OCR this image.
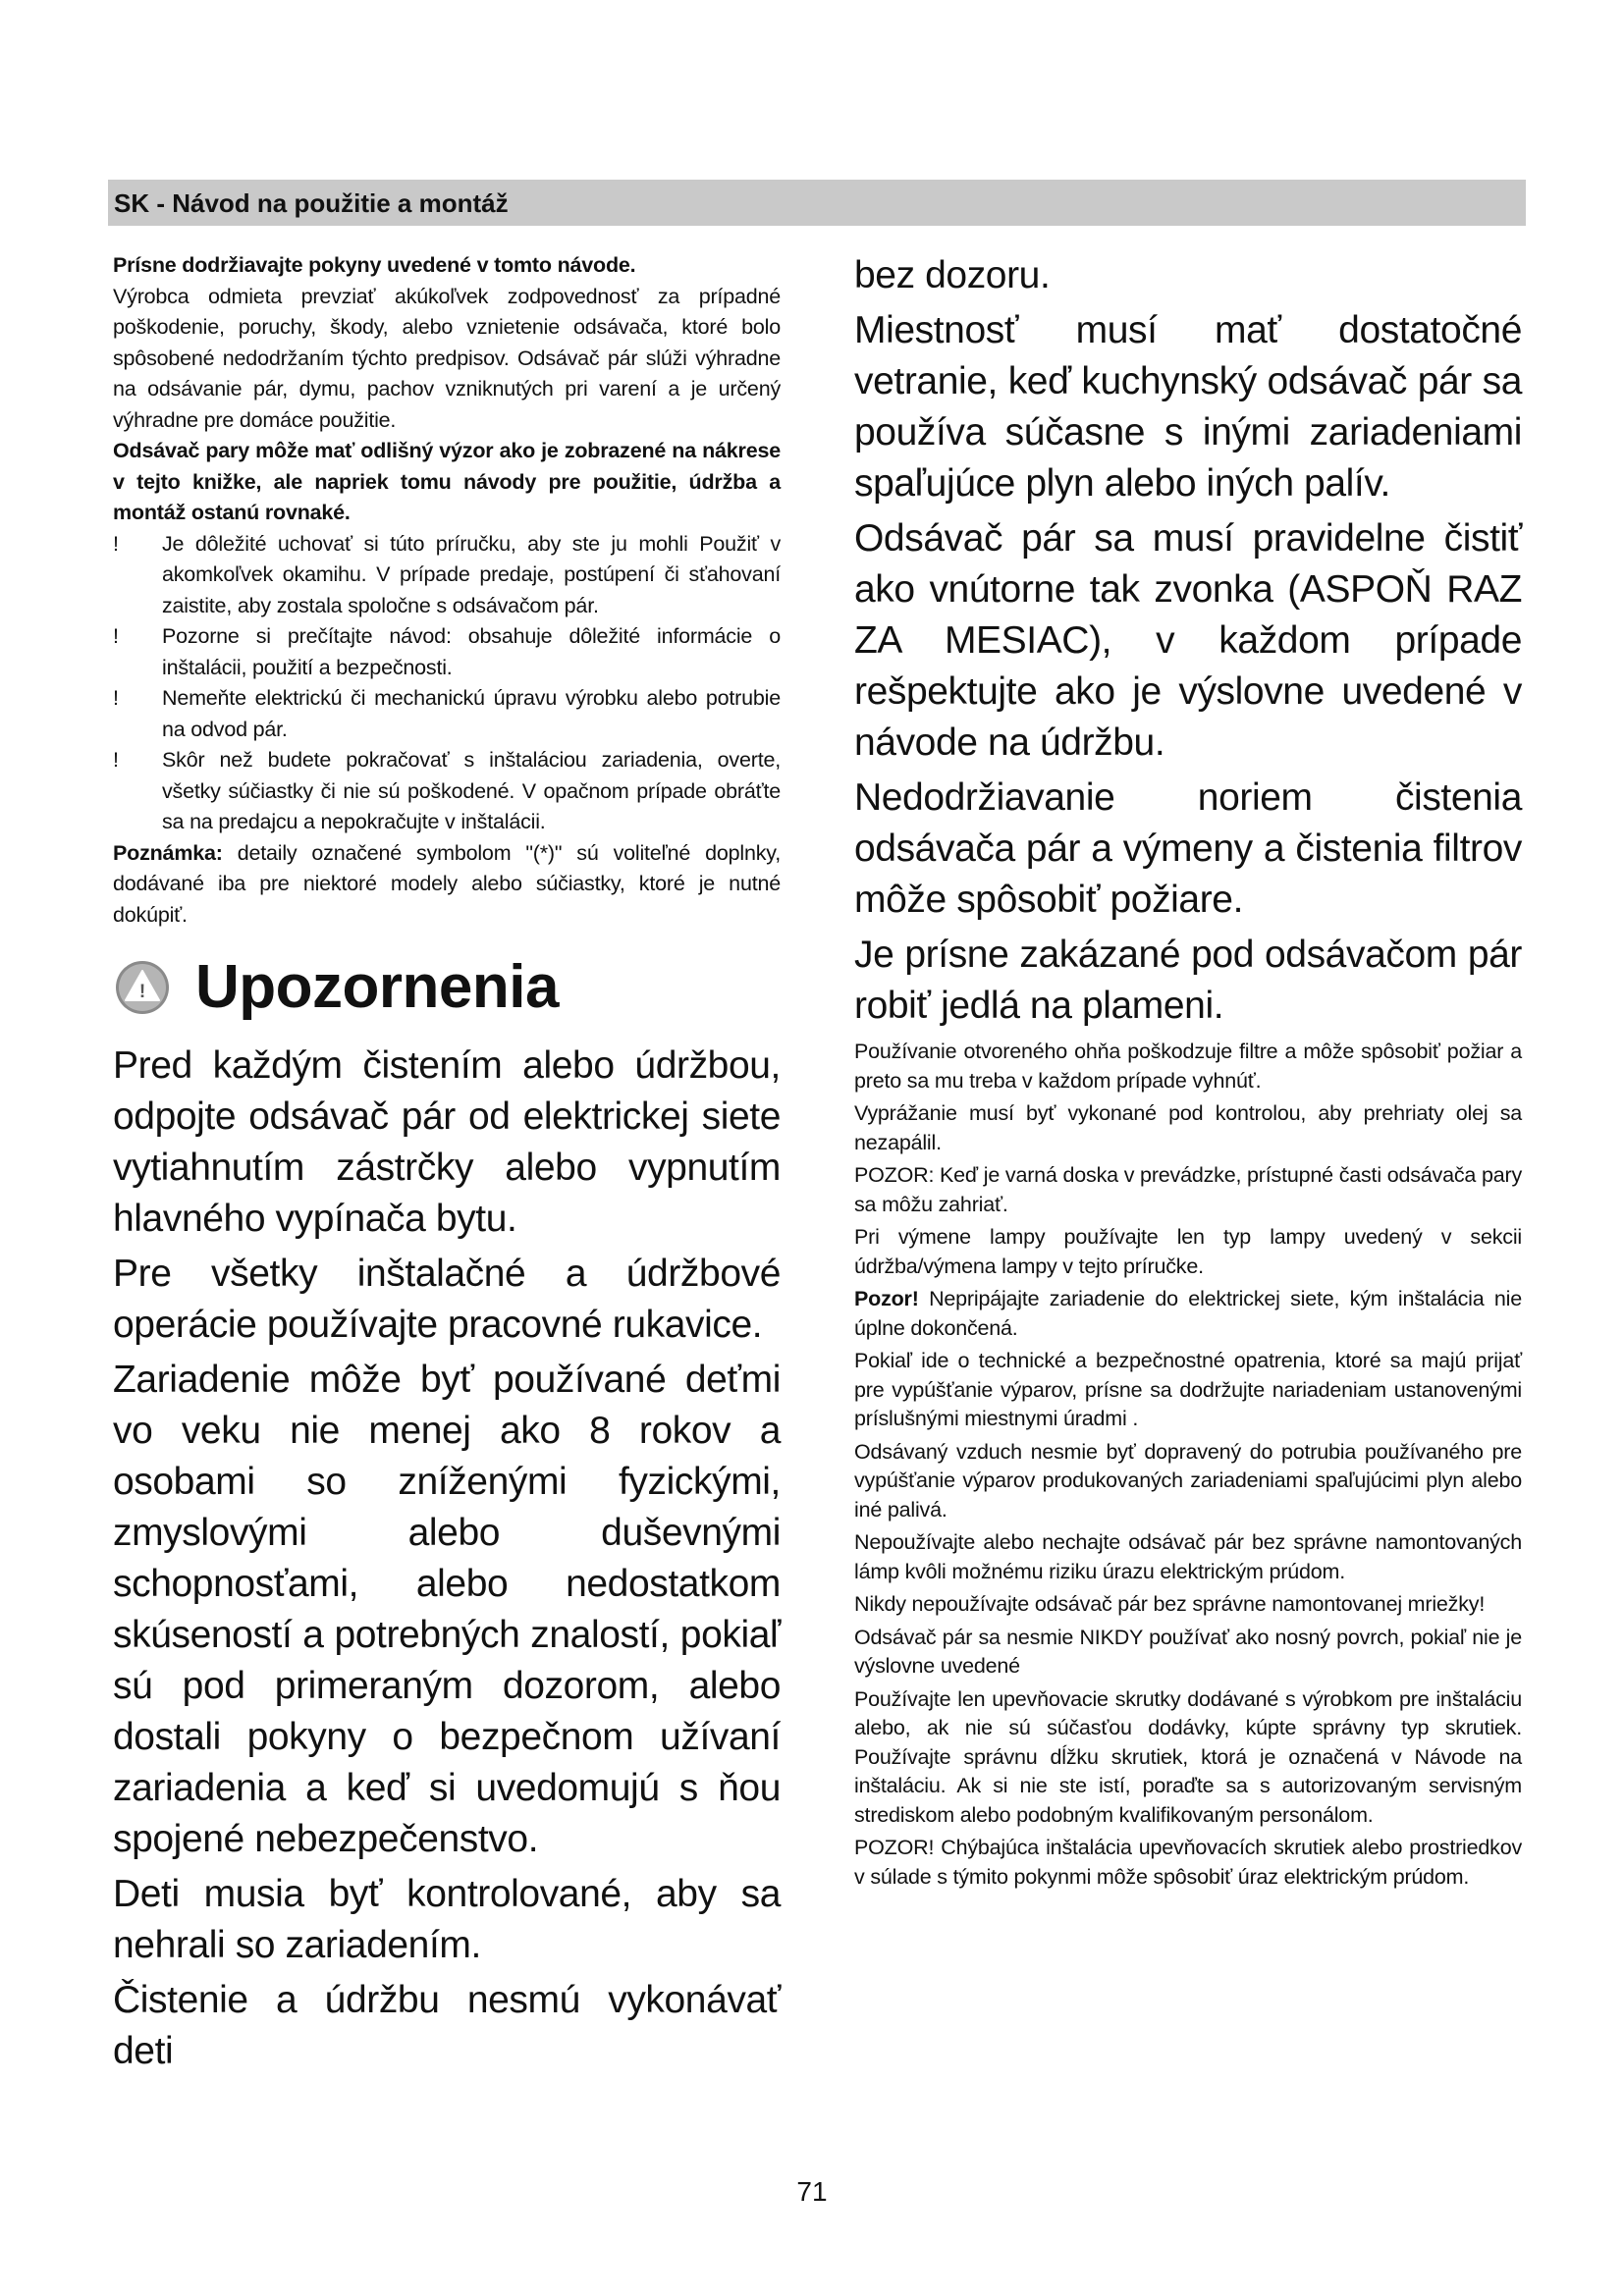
SK - Návod na použitie a montáž

Prísne dodržiavajte pokyny uvedené v tomto návode.

Výrobca odmieta prevziať akúkoľvek zodpovednosť za prípadné poškodenie, poruchy, škody, alebo vznietenie odsávača, ktoré bolo spôsobené nedodržaním týchto predpisov. Odsávač pár slúži výhradne na odsávanie pár, dymu, pachov vzniknutých pri varení a je určený výhradne pre domáce použitie.

Odsávač pary môže mať odlišný výzor ako je zobrazené na nákrese v tejto knižke, ale napriek tomu návody pre použitie, údržba a montáž ostanú rovnaké.

! Je dôležité uchovať si túto príručku, aby ste ju mohli Použiť v akomkoľvek okamihu. V prípade predaje, postúpení či sťahovaní zaistite, aby zostala spoločne s odsávačom pár.
! Pozorne si prečítajte návod: obsahuje dôležité informácie o inštalácii, použití a bezpečnosti.
! Nemeňte elektrickú či mechanickú úpravu výrobku alebo potrubie na odvod pár.
! Skôr než budete pokračovať s inštaláciou zariadenia, overte, všetky súčiastky či nie sú poškodené. V opačnom prípade obráťte sa na predajcu a nepokračujte v inštalácii.
Poznámka: detaily označené symbolom "(*)" sú voliteľné doplnky, dodávané iba pre niektoré modely alebo súčiastky, ktoré je nutné dokúpiť.
! Upozornenia

Pred každým čistením alebo údržbou, odpojte odsávač pár od elektrickej siete vytiahnutím zástrčky alebo vypnutím hlavného vypínača bytu.

Pre všetky inštalačné a údržbové operácie používajte pracovné rukavice.

Zariadenie môže byť používané deťmi vo veku nie menej ako 8 rokov a osobami so zníženými fyzickými, zmyslovými alebo duševnými schopnosťami, alebo nedostatkom skúseností a potrebných znalostí, pokiaľ sú pod primeraným dozorom, alebo dostali pokyny o bezpečnom užívaní zariadenia a keď si uvedomujú s ňou spojené nebezpečenstvo.

Deti musia byť kontrolované, aby sa nehrali so zariadením.

Čistenie a údržbu nesmú vykonávať deti

bez dozoru.

Miestnosť musí mať dostatočné vetranie, keď kuchynský odsávač pár sa používa súčasne s inými zariadeniami spaľujúce plyn alebo iných palív.

Odsávač pár sa musí pravidelne čistiť ako vnútorne tak zvonka (ASPOŇ RAZ ZA MESIAC), v každom prípade rešpektujte ako je výslovne uvedené v návode na údržbu.

Nedodržiavanie noriem čistenia odsávača pár a výmeny a čistenia filtrov môže spôsobiť požiare.

Je prísne zakázané pod odsávačom pár robiť jedlá na plameni.

Používanie otvoreného ohňa poškodzuje filtre a môže spôsobiť požiar a preto sa mu treba v každom prípade vyhnúť.

Vyprážanie musí byť vykonané pod kontrolou, aby prehriaty olej sa nezapálil.

POZOR: Keď je varná doska v prevádzke, prístupné časti odsávača pary sa môžu zahriať.

Pri výmene lampy používajte len typ lampy uvedený v sekcii údržba/výmena lampy v tejto príručke.

Pozor! Nepripájajte zariadenie do elektrickej siete, kým inštalácia nie úplne dokončená.

Pokiaľ ide o technické a bezpečnostné opatrenia, ktoré sa majú prijať pre vypúšťanie výparov, prísne sa dodržujte nariadeniam ustanovenými príslušnými miestnymi úradmi .

Odsávaný vzduch nesmie byť dopravený do potrubia používaného pre vypúšťanie výparov produkovaných zariadeniami spaľujúcimi plyn alebo iné palivá.

Nepoužívajte alebo nechajte odsávač pár bez správne namontovaných lámp kvôli možnému riziku úrazu elektrickým prúdom.

Nikdy nepoužívajte odsávač pár bez správne namontovanej mriežky!

Odsávač pár sa nesmie NIKDY používať ako nosný povrch, pokiaľ nie je výslovne uvedené

Používajte len upevňovacie skrutky dodávané s výrobkom pre inštaláciu alebo, ak nie sú súčasťou dodávky, kúpte správny typ skrutiek. Používajte správnu dĺžku skrutiek, ktorá je označená v Návode na inštaláciu. Ak si nie ste istí, poraďte sa s autorizovaným servisným strediskom alebo podobným kvalifikovaným personálom.

POZOR! Chýbajúca inštalácia upevňovacích skrutiek alebo prostriedkov v súlade s týmito pokynmi môže spôsobiť úraz elektrickým prúdom.

71
